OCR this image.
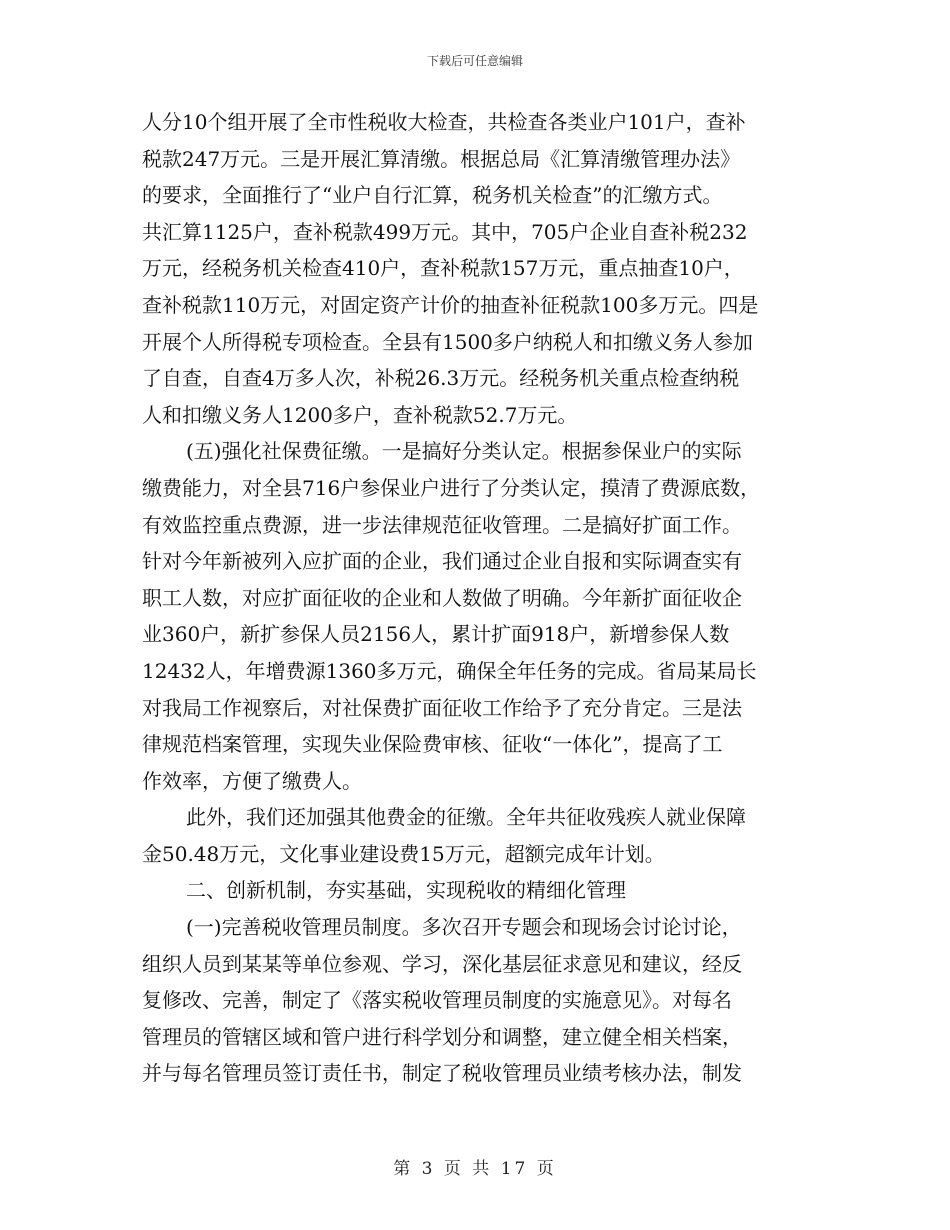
下载后可任意编辑
人分10个组开展了全市性税收大检查，共检查各类业户101户，查补
税款247万元。三是开展汇算清缴。根据总局《汇算清缴管理办法》
的要求，全面推行了“业户自行汇算，税务机关检查”的汇缴方式。
共汇算1125户，查补税款499万元。其中，705户企业自查补税232
万元，经税务机关检查410户，查补税款157万元，重点抽查10户，
查补税款110万元，对固定资产计价的抽查补征税款100多万元。四是
开展个人所得税专项检查。全县有1500多户纳税人和扣缴义务人参加
了自查，自查4万多人次，补税26.3万元。经税务机关重点检查纳税
人和扣缴义务人1200多户，查补税款52.7万元。
(五)强化社保费征缴。一是搞好分类认定。根据参保业户的实际
缴费能力，对全县716户参保业户进行了分类认定，摸清了费源底数，
有效监控重点费源，进一步法律规范征收管理。二是搞好扩面工作。
针对今年新被列入应扩面的企业，我们通过企业自报和实际调查实有
职工人数，对应扩面征收的企业和人数做了明确。今年新扩面征收企
业360户，新扩参保人员2156人，累计扩面918户，新增参保人数
12432人，年增费源1360多万元，确保全年任务的完成。省局某局长
对我局工作视察后，对社保费扩面征收工作给予了充分肯定。三是法
律规范档案管理，实现失业保险费审核、征收“一体化”，提高了工
作效率，方便了缴费人。
此外，我们还加强其他费金的征缴。全年共征收残疾人就业保障
金50.48万元，文化事业建设费15万元，超额完成年计划。
二、创新机制，夯实基础，实现税收的精细化管理
(一)完善税收管理员制度。多次召开专题会和现场会讨论讨论，
组织人员到某某等单位参观、学习，深化基层征求意见和建议，经反
复修改、完善，制定了《落实税收管理员制度的实施意见》。对每名
管理员的管辖区域和管户进行科学划分和调整，建立健全相关档案，
并与每名管理员签订责任书，制定了税收管理员业绩考核办法，制发
第 3 页 共 17 页
